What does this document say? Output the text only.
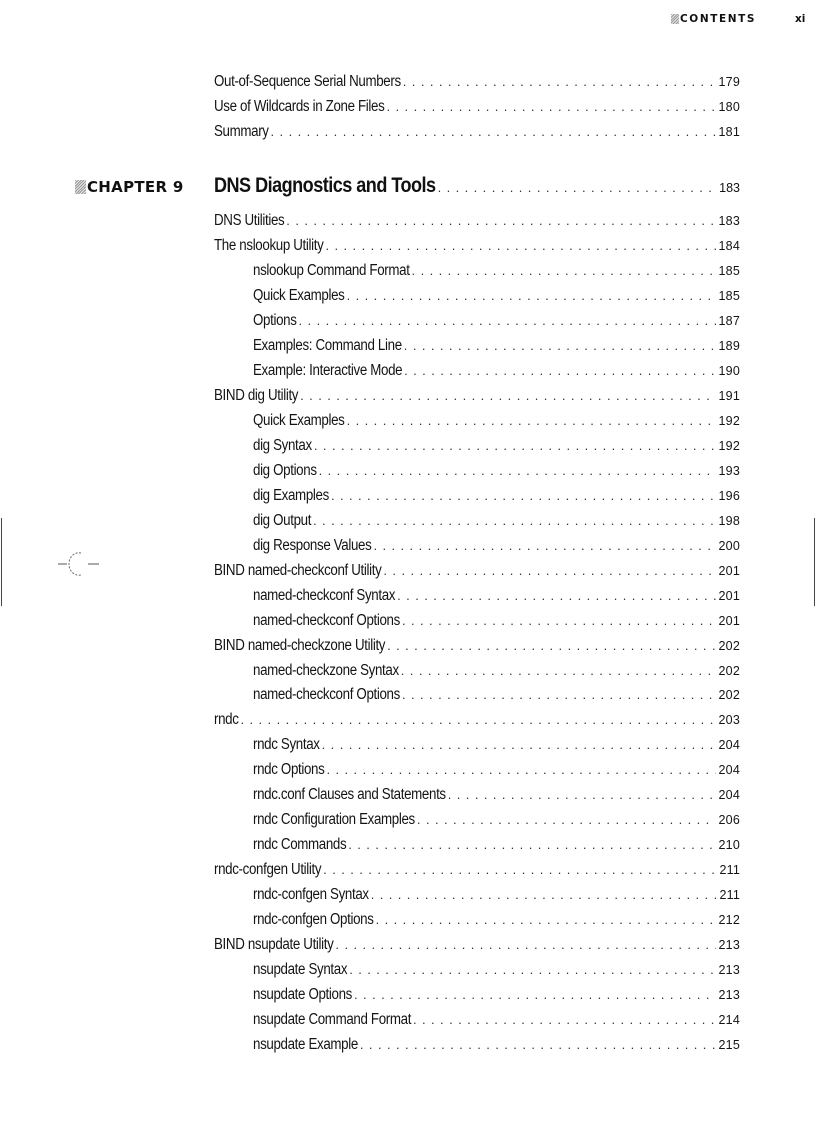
CONTENTS	xi
Out-of-Sequence Serial Numbers . . .	179
Use of Wildcards in Zone Files . . .	180
Summary . . .	181
CHAPTER 9 DNS Diagnostics and Tools . . .	183
DNS Utilities . . .	183
The nslookup Utility . . .	184
nslookup Command Format . . .	185
Quick Examples . . .	185
Options . . .	187
Examples: Command Line . . .	189
Example: Interactive Mode . . .	190
BIND dig Utility . . .	191
Quick Examples . . .	192
dig Syntax . . .	192
dig Options . . .	193
dig Examples . . .	196
dig Output . . .	198
dig Response Values . . .	200
BIND named-checkconf Utility . . .	201
named-checkconf Syntax . . .	201
named-checkconf Options . . .	201
BIND named-checkzone Utility . . .	202
named-checkzone Syntax . . .	202
named-checkconf Options . . .	202
rndc . . .	203
rndc Syntax . . .	204
rndc Options . . .	204
rndc.conf Clauses and Statements . . .	204
rndc Configuration Examples . . .	206
rndc Commands . . .	210
rndc-confgen Utility . . .	211
rndc-confgen Syntax . . .	211
rndc-confgen Options . . .	212
BIND nsupdate Utility . . .	213
nsupdate Syntax . . .	213
nsupdate Options . . .	213
nsupdate Command Format . . .	214
nsupdate Example . . .	215
